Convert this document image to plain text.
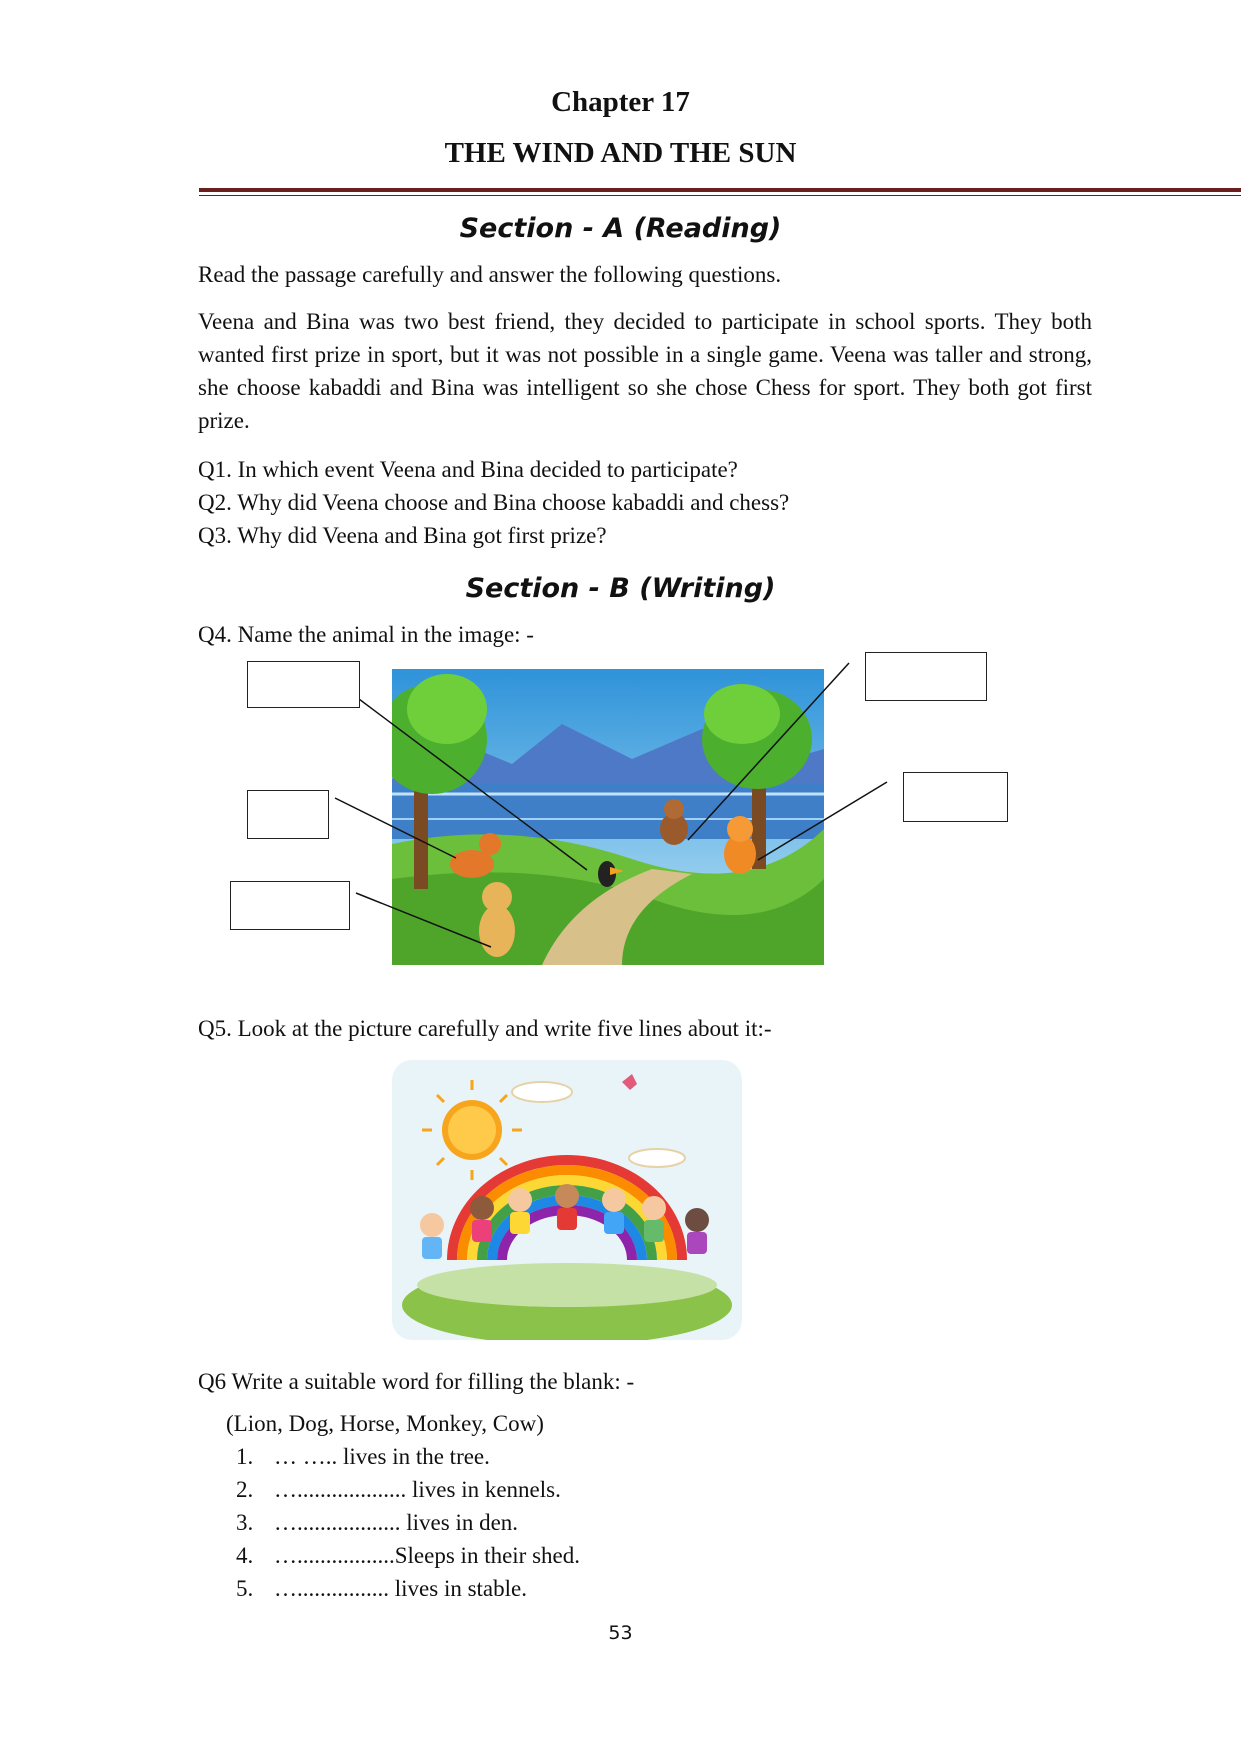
Chapter 17
THE WIND AND THE SUN
Section - A (Reading)
Read the passage carefully and answer the following questions.
Veena and Bina was two best friend, they decided to participate in school sports. They both wanted first prize in sport, but it was not possible in a single game. Veena was taller and strong, she choose kabaddi and Bina was intelligent so she chose Chess for sport. They both got first prize.
Q1. In which event Veena and Bina decided to participate?
Q2. Why did Veena choose and Bina choose kabaddi and chess?
Q3. Why did Veena and Bina got first prize?
Section - B (Writing)
Q4. Name the animal in the image: -
Q5. Look at the picture carefully and write five lines about it:-
Q6 Write a suitable word for filling the blank: -
(Lion, Dog, Horse, Monkey, Cow)
1. … ….. lives in the tree.
2. …................... lives in kennels.
3. ….................. lives in den.
4. ….................Sleeps in their shed.
5. …................ lives in stable.
53
